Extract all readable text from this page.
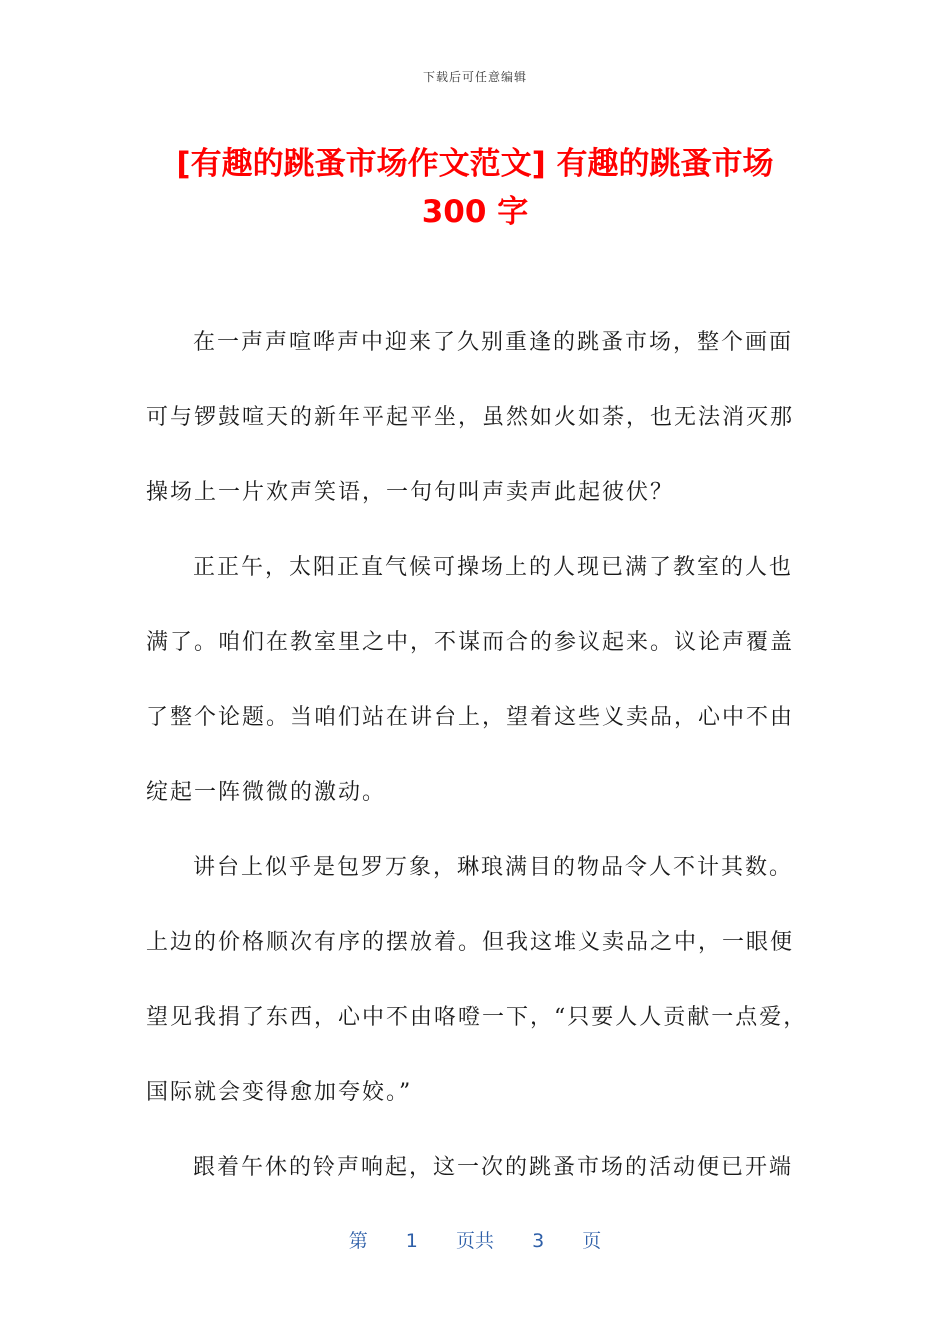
下载后可任意编辑
[有趣的跳蚤市场作文范文] 有趣的跳蚤市场
300 字
在一声声喧哗声中迎来了久别重逢的跳蚤市场，整个画面
可与锣鼓喧天的新年平起平坐，虽然如火如荼，也无法消灭那
操场上一片欢声笑语，一句句叫声卖声此起彼伏？
正正午，太阳正直气候可操场上的人现已满了教室的人也
满了。咱们在教室里之中，不谋而合的参议起来。议论声覆盖
了整个论题。当咱们站在讲台上，望着这些义卖品，心中不由
绽起一阵微微的激动。
讲台上似乎是包罗万象，琳琅满目的物品令人不计其数。
上边的价格顺次有序的摆放着。但我这堆义卖品之中，一眼便
望见我捐了东西，心中不由咯噔一下，“只要人人贡献一点爱，
国际就会变得愈加夸姣。”
跟着午休的铃声响起，这一次的跳蚤市场的活动便已开端
第 1 页共 3 页
